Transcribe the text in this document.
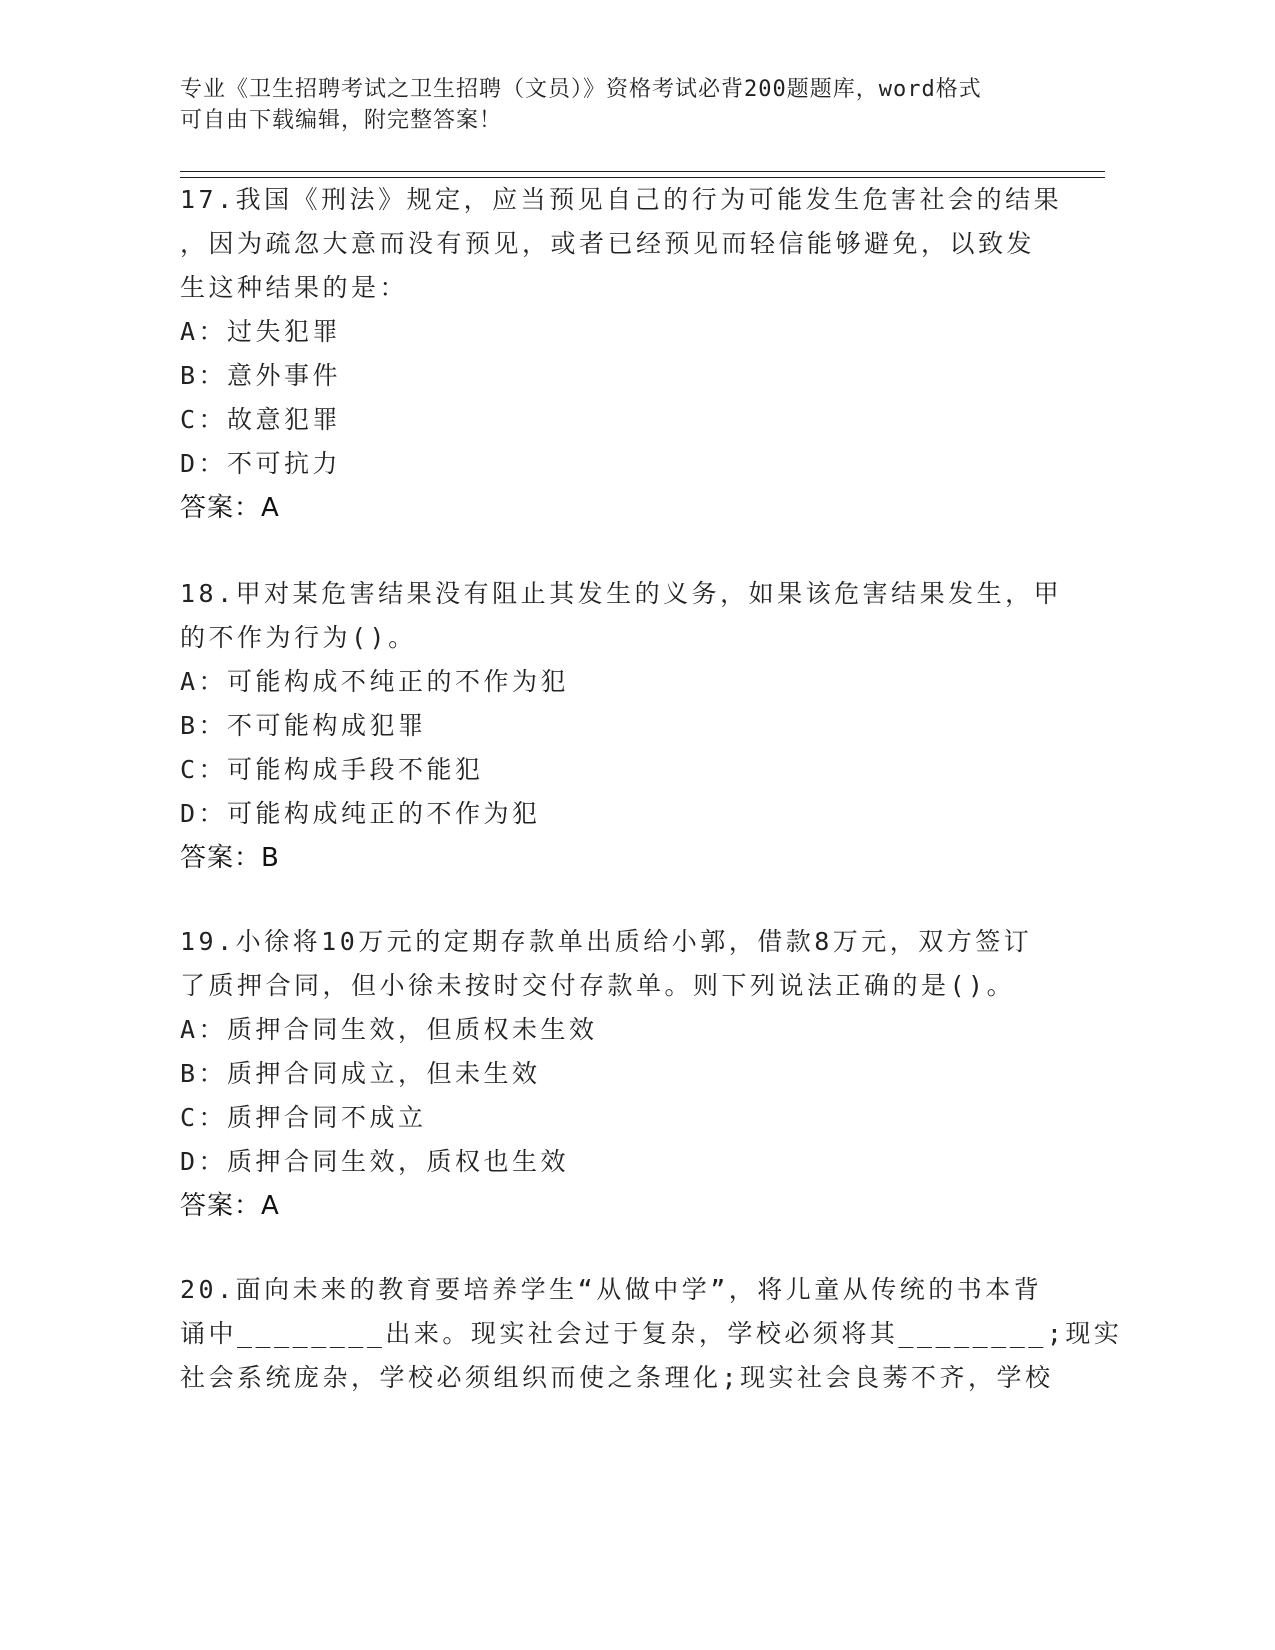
专业《卫生招聘考试之卫生招聘（文员）》资格考试必背200题题库，word格式
可自由下载编辑，附完整答案！
17.我国《刑法》规定，应当预见自己的行为可能发生危害社会的结果
，因为疏忽大意而没有预见，或者已经预见而轻信能够避免，以致发
生这种结果的是：
A：过失犯罪
B：意外事件
C：故意犯罪
D：不可抗力
答案：A
18.甲对某危害结果没有阻止其发生的义务，如果该危害结果发生，甲
的不作为行为()。
A：可能构成不纯正的不作为犯
B：不可能构成犯罪
C：可能构成手段不能犯
D：可能构成纯正的不作为犯
答案：B
19.小徐将10万元的定期存款单出质给小郭，借款8万元，双方签订
了质押合同，但小徐未按时交付存款单。则下列说法正确的是()。
A：质押合同生效，但质权未生效
B：质押合同成立，但未生效
C：质押合同不成立
D：质押合同生效，质权也生效
答案：A
20.面向未来的教育要培养学生“从做中学”，将儿童从传统的书本背
诵中________出来。现实社会过于复杂，学校必须将其________;现实
社会系统庞杂，学校必须组织而使之条理化;现实社会良莠不齐，学校
